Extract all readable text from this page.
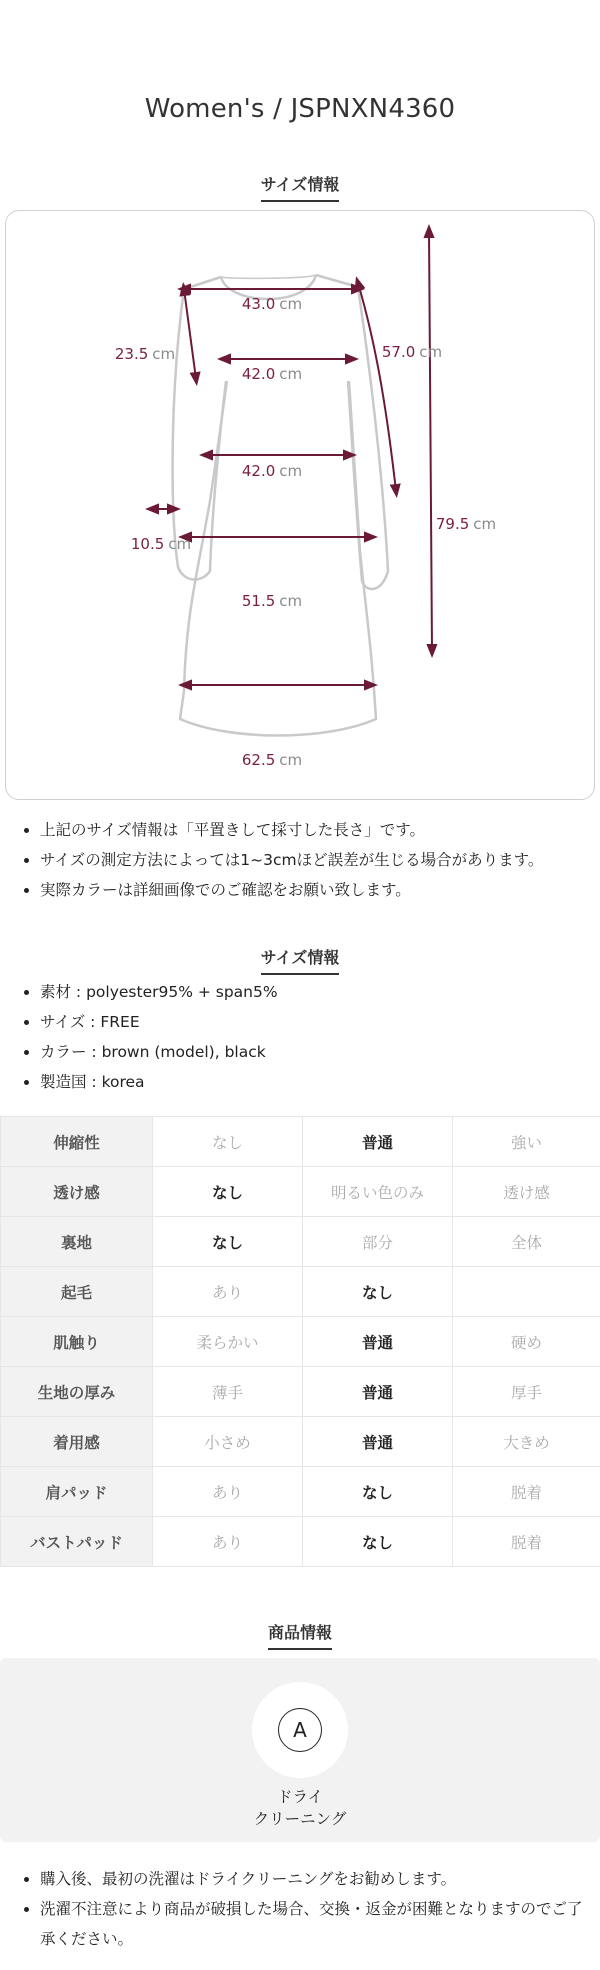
Women's / JSPNXN4360
サイズ情報
43.0 cm
23.5 cm
42.0 cm
57.0 cm
42.0 cm
79.5 cm
10.5 cm
51.5 cm
62.5 cm
上記のサイズ情報は「平置きして採寸した長さ」です。
サイズの測定方法によっては1~3cmほど誤差が生じる場合があります。
実際カラーは詳細画像でのご確認をお願い致します。
サイズ情報
素材 : polyester95% + span5%
サイズ : FREE
カラー : brown (model), black
製造国 : korea
伸縮性	なし	普通	強い
透け感	なし	明るい色のみ	透け感
裏地	なし	部分	全体
起毛	あり	なし	
肌触り	柔らかい	普通	硬め
生地の厚み	薄手	普通	厚手
着用感	小さめ	普通	大きめ
肩パッド	あり	なし	脱着
バストパッド	あり	なし	脱着
商品情報
A
ドライ
クリーニング
購入後、最初の洗濯はドライクリーニングをお勧めします。
洗濯不注意により商品が破損した場合、交換・返金が困難となりますのでご了承ください。
